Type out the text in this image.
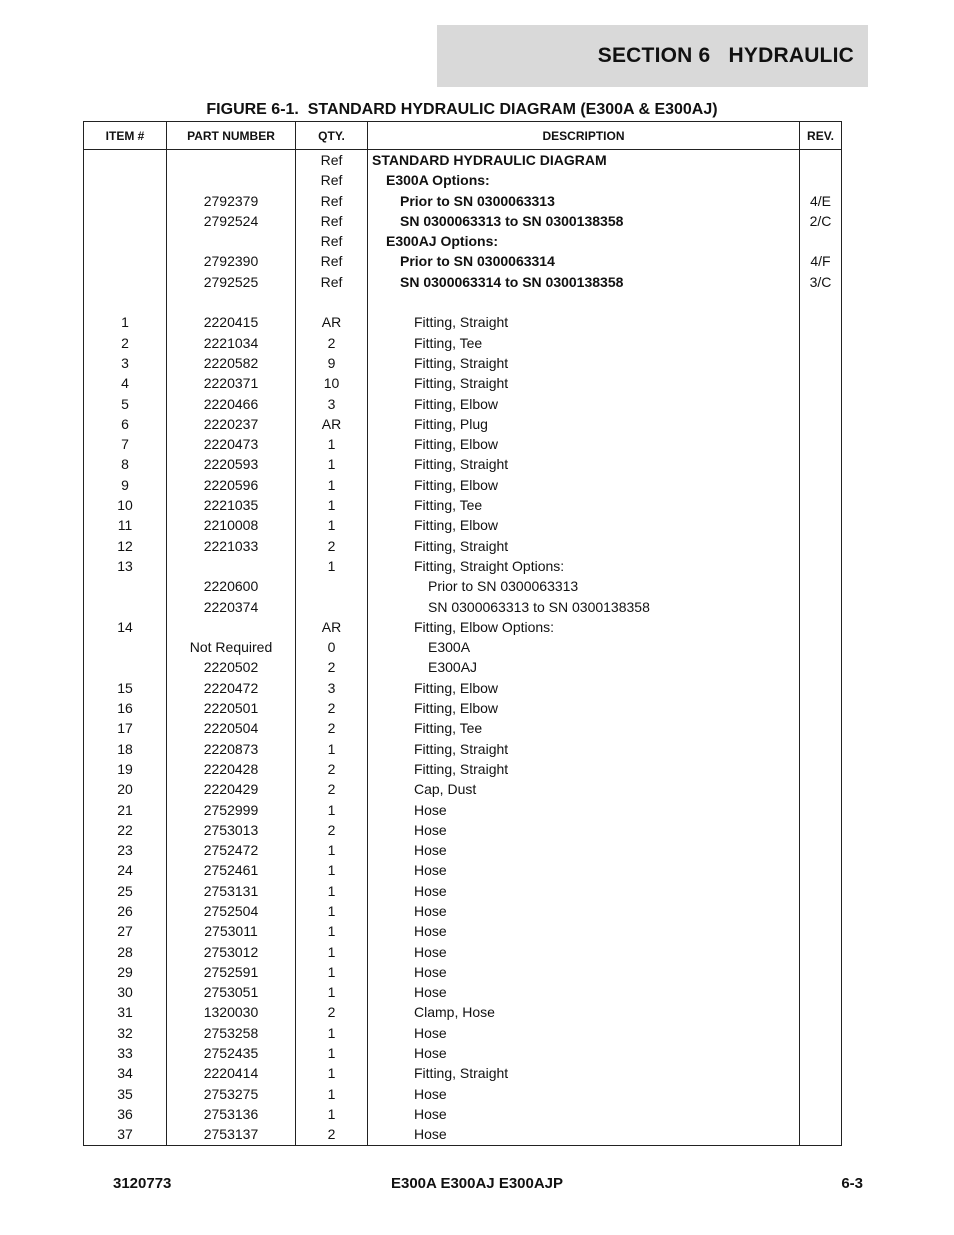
SECTION 6   HYDRAULIC
FIGURE 6-1.  STANDARD HYDRAULIC DIAGRAM (E300A & E300AJ)
ITEM #	PART NUMBER	QTY.	DESCRIPTION	REV.
		Ref	STANDARD HYDRAULIC DIAGRAM	
		Ref	E300A Options:	
	2792379	Ref	Prior to SN 0300063313	4/E
	2792524	Ref	SN 0300063313 to SN 0300138358	2/C
		Ref	E300AJ Options:	
	2792390	Ref	Prior to SN 0300063314	4/F
	2792525	Ref	SN 0300063314 to SN 0300138358	3/C

1	2220415	AR	Fitting, Straight	
2	2221034	2	Fitting, Tee	
3	2220582	9	Fitting, Straight	
4	2220371	10	Fitting, Straight	
5	2220466	3	Fitting, Elbow	
6	2220237	AR	Fitting, Plug	
7	2220473	1	Fitting, Elbow	
8	2220593	1	Fitting, Straight	
9	2220596	1	Fitting, Elbow	
10	2221035	1	Fitting, Tee	
11	2210008	1	Fitting, Elbow	
12	2221033	2	Fitting, Straight	
13		1	Fitting, Straight Options:	
	2220600		Prior to SN 0300063313	
	2220374		SN 0300063313 to SN 0300138358	
14		AR	Fitting, Elbow Options:	
	Not Required	0	E300A	
	2220502	2	E300AJ	
15	2220472	3	Fitting, Elbow	
16	2220501	2	Fitting, Elbow	
17	2220504	2	Fitting, Tee	
18	2220873	1	Fitting, Straight	
19	2220428	2	Fitting, Straight	
20	2220429	2	Cap, Dust	
21	2752999	1	Hose	
22	2753013	2	Hose	
23	2752472	1	Hose	
24	2752461	1	Hose	
25	2753131	1	Hose	
26	2752504	1	Hose	
27	2753011	1	Hose	
28	2753012	1	Hose	
29	2752591	1	Hose	
30	2753051	1	Hose	
31	1320030	2	Clamp, Hose	
32	2753258	1	Hose	
33	2752435	1	Hose	
34	2220414	1	Fitting, Straight	
35	2753275	1	Hose	
36	2753136	1	Hose	
37	2753137	2	Hose	
3120773	E300A E300AJ E300AJP	6-3
